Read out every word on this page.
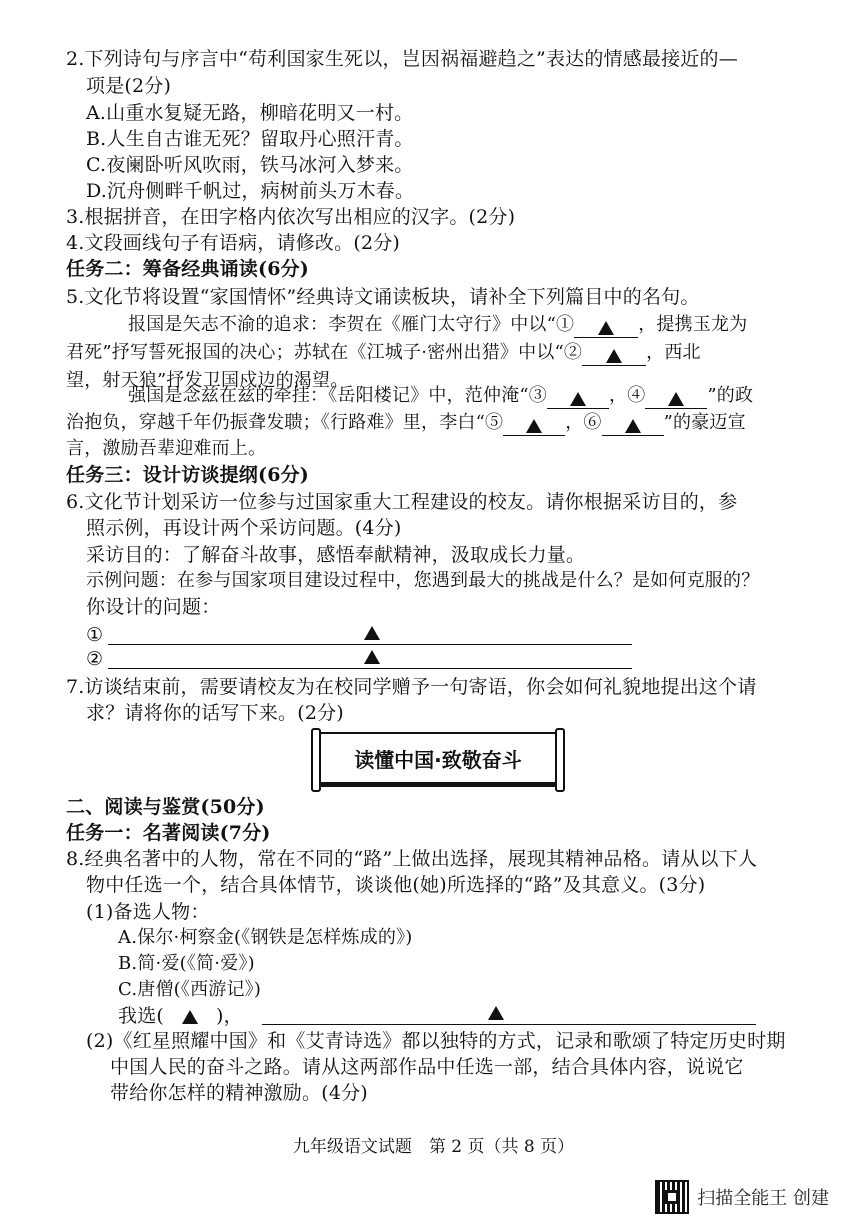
2.下列诗句与序言中“苟利国家生死以，岂因祸福避趋之”表达的情感最接近的—
项是(2分)
A.山重水复疑无路，柳暗花明又一村。
B.人生自古谁无死？留取丹心照汗青。
C.夜阑卧听风吹雨，铁马冰河入梦来。
D.沉舟侧畔千帆过，病树前头万木春。
3.根据拼音，在田字格内依次写出相应的汉字。(2分)
4.文段画线句子有语病，请修改。(2分)
任务二：筹备经典诵读(6分)
5.文化节将设置“家国情怀”经典诗文诵读板块，请补全下列篇目中的名句。
报国是矢志不渝的追求：李贺在《雁门太守行》中以“①	，提携玉龙为
君死”抒写誓死报国的决心；苏轼在《江城子·密州出猎》中以“②	，西北
望，射天狼”抒发卫国戍边的渴望。
强国是念兹在兹的牵挂：《岳阳楼记》中，范仲淹“③	，④	”的政
治抱负，穿越千年仍振聋发聩；《行路难》里，李白“⑤	，⑥	”的豪迈宣
言，激励吾辈迎难而上。
任务三：设计访谈提纲(6分)
6.文化节计划采访一位参与过国家重大工程建设的校友。请你根据采访目的，参
照示例，再设计两个采访问题。(4分)
采访目的：了解奋斗故事，感悟奉献精神，汲取成长力量。
示例问题：在参与国家项目建设过程中，您遇到最大的挑战是什么？是如何克服的？
你设计的问题：
①
②
7.访谈结束前，需要请校友为在校同学赠予一句寄语，你会如何礼貌地提出这个请
求？请将你的话写下来。(2分)
读懂中国·致敬奋斗
二、阅读与鉴赏(50分)
任务一：名著阅读(7分)
8.经典名著中的人物，常在不同的“路”上做出选择，展现其精神品格。请从以下人
物中任选一个，结合具体情节，谈谈他(她)所选择的“路”及其意义。(3分)
(1)备选人物：
A.保尔·柯察金(《钢铁是怎样炼成的》)
B.简·爱(《简·爱》)
C.唐僧(《西游记》)
我选(	)，
(2)《红星照耀中国》和《艾青诗选》都以独特的方式，记录和歌颂了特定历史时期
中国人民的奋斗之路。请从这两部作品中任选一部，结合具体内容，说说它
带给你怎样的精神激励。(4分)
九年级语文试题　第 2 页（共 8 页）
扫描全能王 创建
